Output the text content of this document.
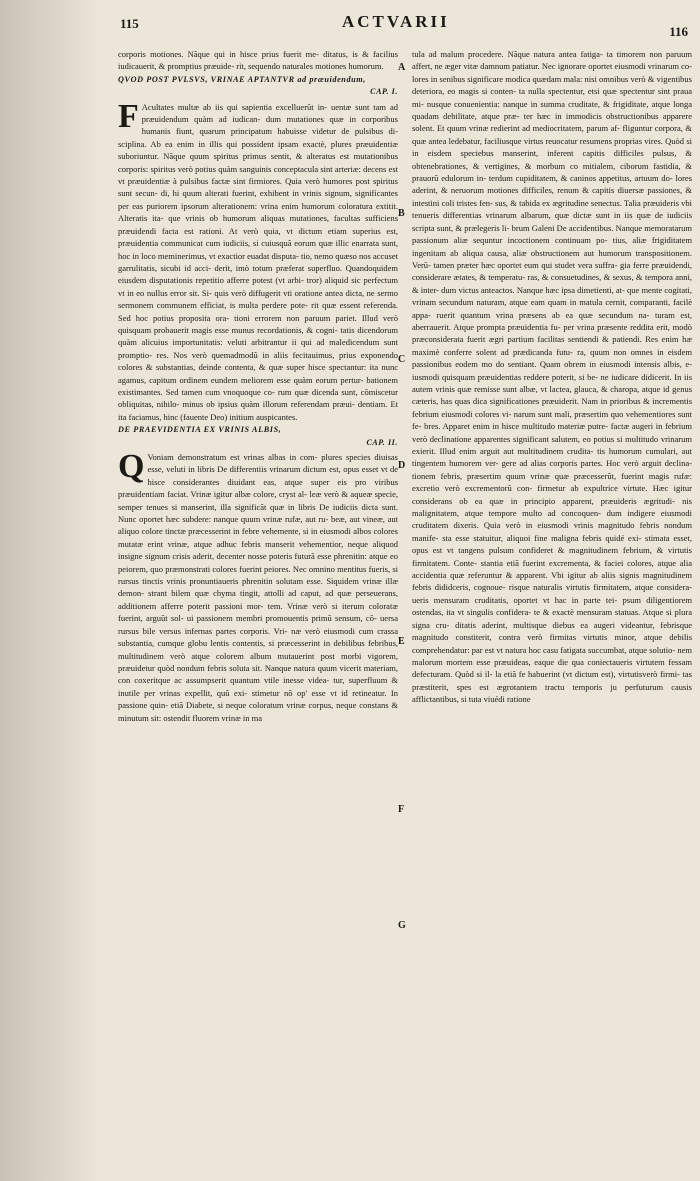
115	ACTVARII
116

corporis motiones. Nãque qui in hisce prius fuerit me- ditatus, is & facilius iudicauerit, & promptius præuide- rit, sequendo naturales motiones humorum.

QVOD POST PVLSVS, VRINAE APTANTVR ad præuidendum,
CAP. I.

F Acultates multæ ab iis qui sapientia excelluerũt in- uentæ sunt tam ad præuidendum quàm ad iudican- dum mutationes quæ in corporibus humanis fiunt, quarum principatum habuisse videtur de pulsibus di- sciplina. Ab ea enim in illis qui possident ipsam exactè, plures præuidentiæ suboriuntur. Nãque quum spiritus primus sentit, & alteratus est mutationibus corporis: spiritus verò potius quàm sanguinis conceptacula sint arteriæ: decens est vt præuidentiæ à pulsibus factæ sint firmiores. Quia verò humores post spiritus sunt secun- di, hi quum alterati fuerint, exhibent in vrinis signum, significantes per eas puriorem ipsorum alterationem: vrina enim humorum coloratura extitit. Alteratis ita- que vrinis ob humorum aliquas mutationes, facultas sufficiens præuidendi facta est rationi. At verò quia, vt dictum etiam superius est, præuidentia communicat cum iudiciis, si cuiusquã eorum quæ illic enarrata sunt, hoc in loco meminerimus, vt exactior euadat disputa- tio, nemo quæso nos accuset garrulitatis, sicubi id acci- derit, imò totum præferat superfluo. Quandoquidem eiusdem disputationis repetitio afferre potest (vt arbi- tror) aliquid sic perfectum vt in eo nullus error sit. Si- quis verò diffugerit vti oratione antea dicta, ne sermo sermonem communem efficiat, is multa perdere pote- rit quæ essent referenda. Sed hoc potius proposita ora- tioni errorem non paruum pariet. Illud verò quisquam probauerit magis esse munus recordationis, & cogni- tatis dicendorum quàm alicuius importunitatis: veluti arbitrantur ii qui ad maledicendum sunt promptio- res. Nos verò quemadmodũ in aliis fecitauimus, prius exponendo colores & substantias, deinde contenta, & quæ super hisce spectantur: ita nunc agamus, capitum ordinem eundem meliorem esse quàm eorum pertur- bationem existimantes. Sed tamen cum vnoquoque co- rum quæ dicenda sunt, cõmiscetur obliquitas, nihilo- minus ob ipsius quàm illorum referendam præui- dentiam. Et ita faciamus, hinc (fauente Deo) initium auspicantes.

DE PRAEVIDENTIA EX VRINIS ALBIS,
CAP. II.

Q Voniam demonstratum est vrinas albas in com- plures species diuisas esse, veluti in libris De differentiis vrinarum dictum est, opus esset vt de hisce considerantes diuidant eas, atque super eis pro viribus præuidentiam faciat. Vrinæ igitur albæ colore, cryst al- leæ verò & aqueæ specie, semper tenues si manserint, illa significãt quæ in libris De iudiciis dicta sunt. Nunc oportet hæc subdere: nanque quum vrinæ rufæ, aut ru- beæ, aut vineæ, aut aliquo colore tinctæ præcesserint in febre vehemente, si in eiusmodi albos colores mutatæ erint vrinæ, atque adhuc febris manserit vehementior, neque aliquod insigne signum crisis aderit, decenter nosse poteris futurã esse phrenitin: atque eo peiorem, quo præmonstrati colores fuerint peiores. Nec omnino mentitus fueris, si rursus tinctis vrinis pronuntiaueris phrenitin solutam esse. Siquidem vrinæ illæ demon- strant bilem quæ chyma tingit, attolli ad caput, ad quæ perseuerans, additionem afferre poterit passioni mor- tem. Vrinæ verò si iterum coloratæ fuerint, arguũt sol- ui passionem membri promouentis primũ sensum, cõ- uersa rursus bile versus infernas partes corporis. Vri- næ verò eiusmodi cum crassa substantia, cumque globu lentis contentis, si præcesserint in debilibus febribus, multitudinem verò atque colorem album mutauerint post morbi vigorem, præuidetur quòd nondum febris soluta sit. Nanque natura quum vicerit materiam, con coxeritque ac assumpserit quantum vtile inesse videa- tur, superfluum & inutile per vrinas expellit, quũ exi- stimetur nõ op' esse vt id retineatur. In passione quin- etiã Diabete, si neque coloratum vrinæ corpus, neque constans & minutum sit: ostendit fluorem vrinæ in ma

A
B
C
D
E
F
G

tula ad malum procedere. Nãque natura antea fatiga- ta timorem non paruum affert, ne æger vitæ damnum patiatur. Nec ignorare oportet eiusmodi vrinarum co- lores in senibus significare modica quædam mala: nisi omnibus verò & vigentibus deteriora, eo magis si conten- ta nulla spectentur, etsi quæ spectentur sint praua mi- nusque conuenientia: nanque in summa cruditate, & frigiditate, atque longa quadam debilitate, atque præ- ter hæc in immodicis obstructionibus apparere solent. Et quum vrinæ redierint ad mediocritatem, parum af- fliguntur corpora, & quæ antea ledebatur, faciliusque virtus reuocatur resumens proprias vires. Quòd si in eisdem speciebus manserint, inferent capitis difficiles pulsus, & obtenebrationes, & vertigines, & morbum co mitialem, ciborum fastidia, & prauorũ edulorum in- terdum cupiditatem, & caninos appetitus, artuum do- lores aderint, & neruorum motiones difficiles, renum & capitis diuersæ passiones, & intestini coli tristes fen- sus, & tabida ex ægritudine senectus. Talia præuideris vbi tenueris differentias vrinarum albarum, quæ dictæ sunt in iis quæ de iudiciis scripta sunt, & prælegeris li- brum Galeni De accidentibus. Nanque memoratarum passionum aliæ sequntur incoctionem continuam po- tius, aliæ frigiditatem ingenitam ab aliqua causa, aliæ obstructionem aut humorum transpositionem. Verũ- tamen præter hæc oportet eum qui studet vera suffra- gia ferre præuidendi, considerare ætates, & temperatu- ras, & consuetudines, & sexus, & tempora anni, & inter- dum victus anteactos. Nanque hæc ipsa dimetienti, at- que mente cogitati, vrinam secundum naturam, atque eam quam in matula cernit, comparanti, facilè appa- ruerit quantum vrina præsens ab ea quæ secundum na- turam est, aberrauerit. Atque prompta præuidentia fu- per vrina præsente reddita erit, modò præconsiderata fuerit ægri partium facilitas sentiendi & patiendi. Res enim hæ maximè conferre solent ad prædicanda futu- ra, quum non omnes in eisdem passionibus eodem mo do sentiant. Quam obrem in eiusmodi intensis albis, e- iusmodi quisquam præuidentias reddere poterit, si be- ne iudicare didicerit. In iis autem vrinis quæ remisse sunt albæ, vt lactea, glauca, & charopa, atque id genus cæteris, has quas dica significationes præuiderit. Nam in prioribus & incrementis febrium eiusmodi colores vi- narum sunt mali, præsertim quo vehementiores sunt fe- bres. Apparet enim in hisce multitudo materiæ putre- factæ augeri in febrium verò declinatione apparentes significant salutem, eo potius si multitudo vrinarum exierit. Illud enim arguit aut multitudinem crudita- tis humorum cumulari, aut tingentem humorem ver- gere ad alias corporis partes. Hoc verò arguit declina- tionem febris, præsertim quum vrinæ quæ præcesserũt, fuerint magis rufæ: excretio verò excrementorũ con- firmetur ab expultrice virtute. Hæc igitur considerans ob ea quæ in principio apparent, præuideris ægritudi- nis malignitatem, atque tempore multo ad concoquen- dum indigere eiusmodi cruditatem dixeris. Quia verò in eiusmodi vrinis magnitudo febris nondum manife- sta esse statuitur, aliquoi fine maligna febris quidé exi- stimata esset, opus est vt tangens pulsum confideret & magnitudinem febrium, & virtutis firmitatem. Conte- stantia etiã fuerint excrementa, & faciei colores, atque alia accidentia quæ referuntur & apparent. Vbi igitur ab aliis signis magnitudinem febris dididceris, cognoue- risque naturalis virtutis firmitatem, atque considera- ueris mensuram cruditatis, oportet vt hac in parte tei- psum diligentiorem ostendas, ita vt singulis confidera- te & exactè mensuram statuas. Atque si plura signa cru- ditatis aderint, multisque diebus ea augeri videantur, febrisque magnitudo constiterit, contra verò firmitas virtutis minor, atque debilis comprehendatur: par est vt natura hoc casu fatigata succumbat, atque solutio- nem malorum mortem esse præuideas, eaque die qua coniectaueris virtutem fessam defecturam. Quòd si il- la etiã fe habuerint (vt dictum est), virtutisverò firmi- tas præstiterit, spes est ægrotantem tractu temporis ju perfuturum causis afflictantibus, si tuta viuédi ratione
